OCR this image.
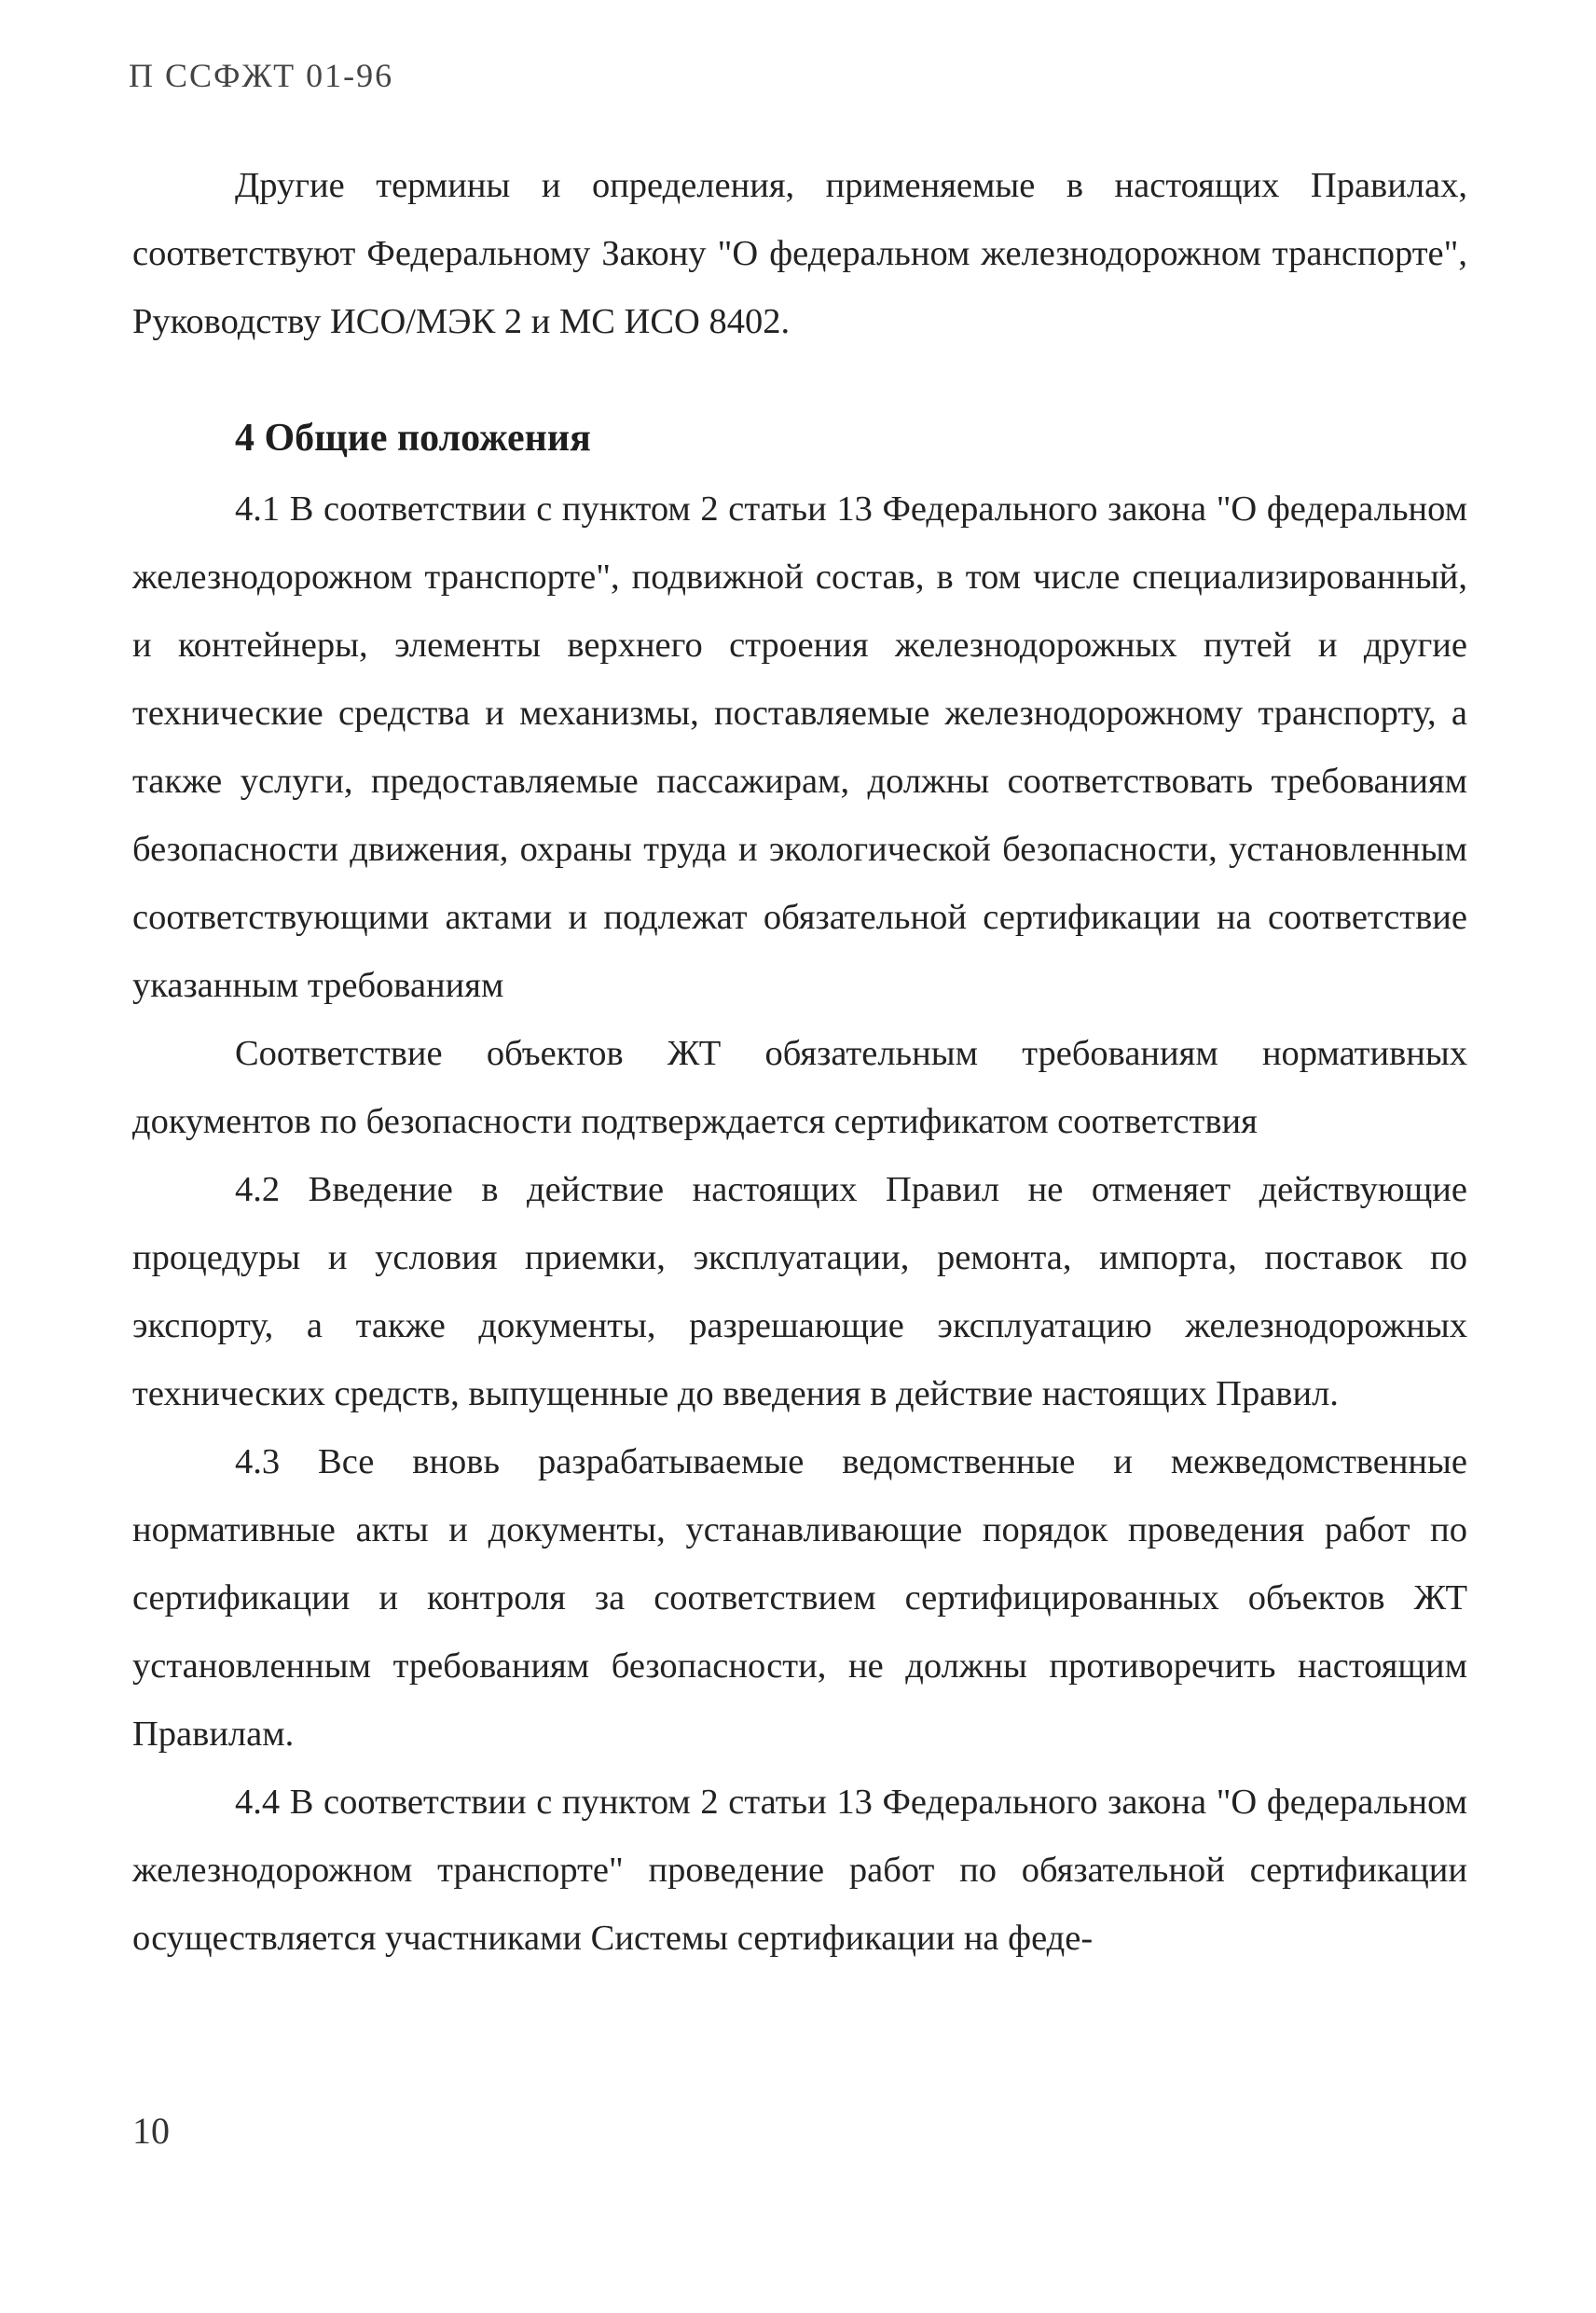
П ССФЖТ 01-96

Другие термины и определения, применяемые в настоящих Правилах, соответствуют Федеральному Закону "О федеральном железнодорожном транспорте", Руководству ИСО/МЭК 2 и МС ИСО 8402.

4 Общие положения

4.1 В соответствии с пунктом 2 статьи 13 Федерального закона "О федеральном железнодорожном транспорте", подвижной состав, в том числе специализированный, и контейнеры, элементы верхнего строения железнодорожных путей и другие технические средства и механизмы, поставляемые железнодорожному транспорту, а также услуги, предоставляемые пассажирам, должны соответствовать требованиям безопасности движения, охраны труда и экологической безопасности, установленным соответствующими актами и подлежат обязательной сертификации на соответствие указанным требованиям

Соответствие объектов ЖТ обязательным требованиям нормативных документов по безопасности подтверждается сертификатом соответствия

4.2 Введение в действие настоящих Правил не отменяет действующие процедуры и условия приемки, эксплуатации, ремонта, импорта, поставок по экспорту, а также документы, разрешающие эксплуатацию железнодорожных технических средств, выпущенные до введения в действие настоящих Правил.

4.3 Все вновь разрабатываемые ведомственные и межведомственные нормативные акты и документы, устанавливающие порядок проведения работ по сертификации и контроля за соответствием сертифицированных объектов ЖТ установленным требованиям безопасности, не должны противоречить настоящим Правилам.

4.4 В соответствии с пунктом 2 статьи 13 Федерального закона "О федеральном железнодорожном транспорте" проведение работ по обязательной сертификации осуществляется участниками Системы сертификации на феде-

10
